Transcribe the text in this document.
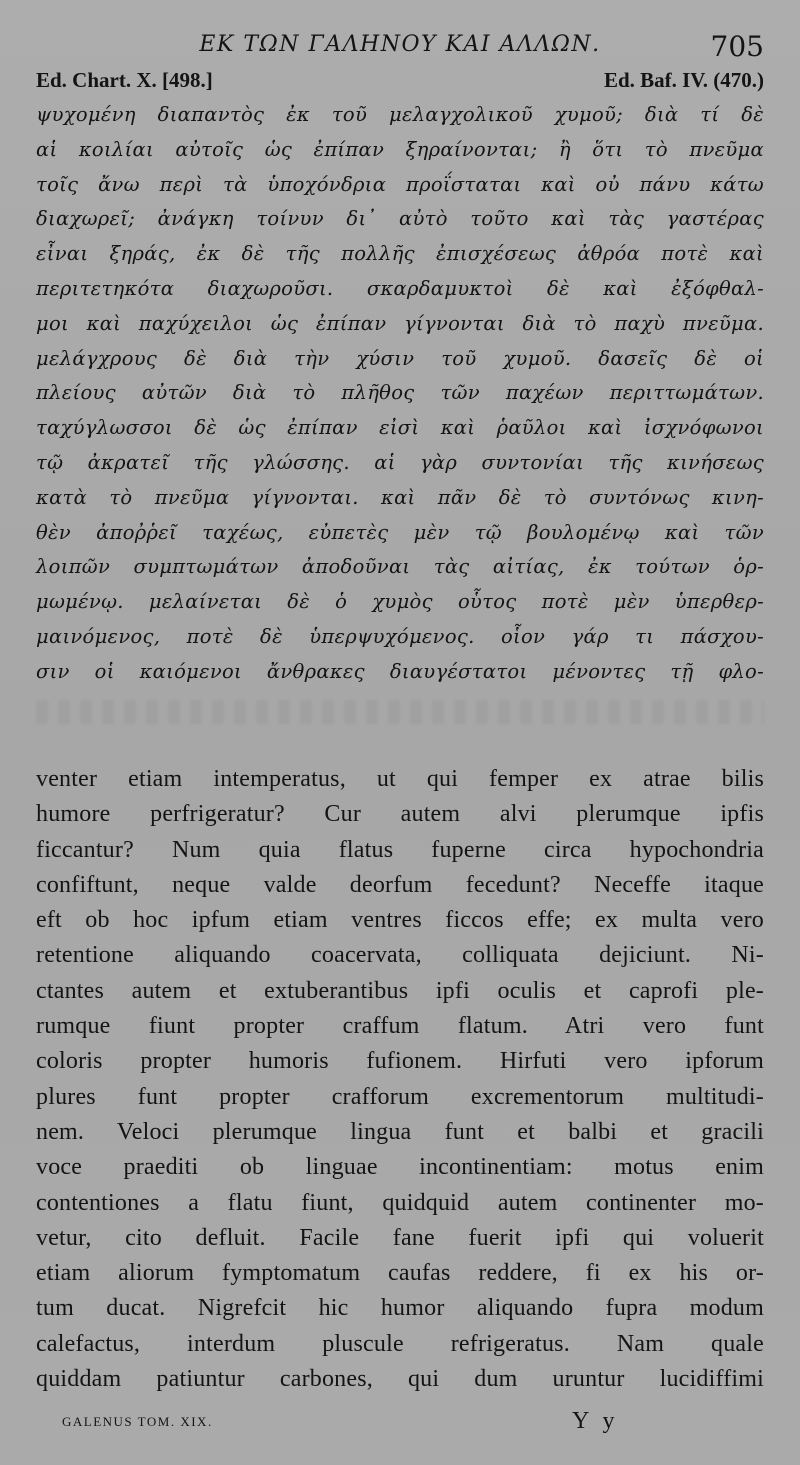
ΕΚ ΤΩΝ ΓΑΛΗΝΟΥ ΚΑΙ ΑΛΛΩΝ.	705
Ed. Chart. X. [498.]	Ed. Baf. IV. (470.)
ψυχομένη διαπαντὸς ἐκ τοῦ μελαγχολικοῦ χυμοῦ; διὰ τί δὲ
αἱ κοιλίαι αὐτοῖς ὡς ἐπίπαν ξηραίνονται; ἢ ὅτι τὸ πνεῦμα
τοῖς ἄνω περὶ τὰ ὑποχόνδρια προΐσταται καὶ οὐ πάνυ κάτω
διαχωρεῖ; ἀνάγκη τοίνυν δι᾽ αὐτὸ τοῦτο καὶ τὰς γαστέρας
εἶναι ξηράς, ἐκ δὲ τῆς πολλῆς ἐπισχέσεως ἀθρόα ποτὲ καὶ
περιτετηκότα διαχωροῦσι. σκαρδαμυκτοὶ δὲ καὶ ἐξόφθαλ-
μοι καὶ παχύχειλοι ὡς ἐπίπαν γίγνονται διὰ τὸ παχὺ πνεῦμα.
μελάγχρους δὲ διὰ τὴν χύσιν τοῦ χυμοῦ. δασεῖς δὲ οἱ
πλείους αὐτῶν διὰ τὸ πλῆθος τῶν παχέων περιττωμάτων.
ταχύγλωσσοι δὲ ὡς ἐπίπαν εἰσὶ καὶ ῥαῦλοι καὶ ἰσχνόφωνοι
τῷ ἀκρατεῖ τῆς γλώσσης. αἱ γὰρ συντονίαι τῆς κινήσεως
κατὰ τὸ πνεῦμα γίγνονται. καὶ πᾶν δὲ τὸ συντόνως κινη-
θὲν ἀποῤῥεῖ ταχέως, εὐπετὲς μὲν τῷ βουλομένῳ καὶ τῶν
λοιπῶν συμπτωμάτων ἀποδοῦναι τὰς αἰτίας, ἐκ τούτων ὁρ-
μωμένῳ. μελαίνεται δὲ ὁ χυμὸς οὗτος ποτὲ μὲν ὑπερθερ-
μαινόμενος, ποτὲ δὲ ὑπερψυχόμενος. οἷον γάρ τι πάσχου-
σιν οἱ καιόμενοι ἄνθρακες διαυγέστατοι μένοντες τῇ φλο-
venter etiam intemperatus, ut qui femper ex atrae bilis
humore perfrigeratur? Cur autem alvi plerumque ipfis
ficcantur? Num quia flatus fuperne circa hypochondria
confiftunt, neque valde deorfum fecedunt? Neceffe itaque
eft ob hoc ipfum etiam ventres ficcos effe; ex multa vero
retentione aliquando coacervata, colliquata dejiciunt. Ni-
ctantes autem et extuberantibus ipfi oculis et caprofi ple-
rumque fiunt propter craffum flatum. Atri vero funt
coloris propter humoris fufionem. Hirfuti vero ipforum
plures funt propter crafforum excrementorum multitudi-
nem. Veloci plerumque lingua funt et balbi et gracili
voce praediti ob linguae incontinentiam: motus enim
contentiones a flatu fiunt, quidquid autem continenter mo-
vetur, cito defluit. Facile fane fuerit ipfi qui voluerit
etiam aliorum fymptomatum caufas reddere, fi ex his or-
tum ducat. Nigrefcit hic humor aliquando fupra modum
calefactus, interdum pluscule refrigeratus. Nam quale
quiddam patiuntur carbones, qui dum uruntur lucidiffimi
GALENUS TOM. XIX.	Y y
